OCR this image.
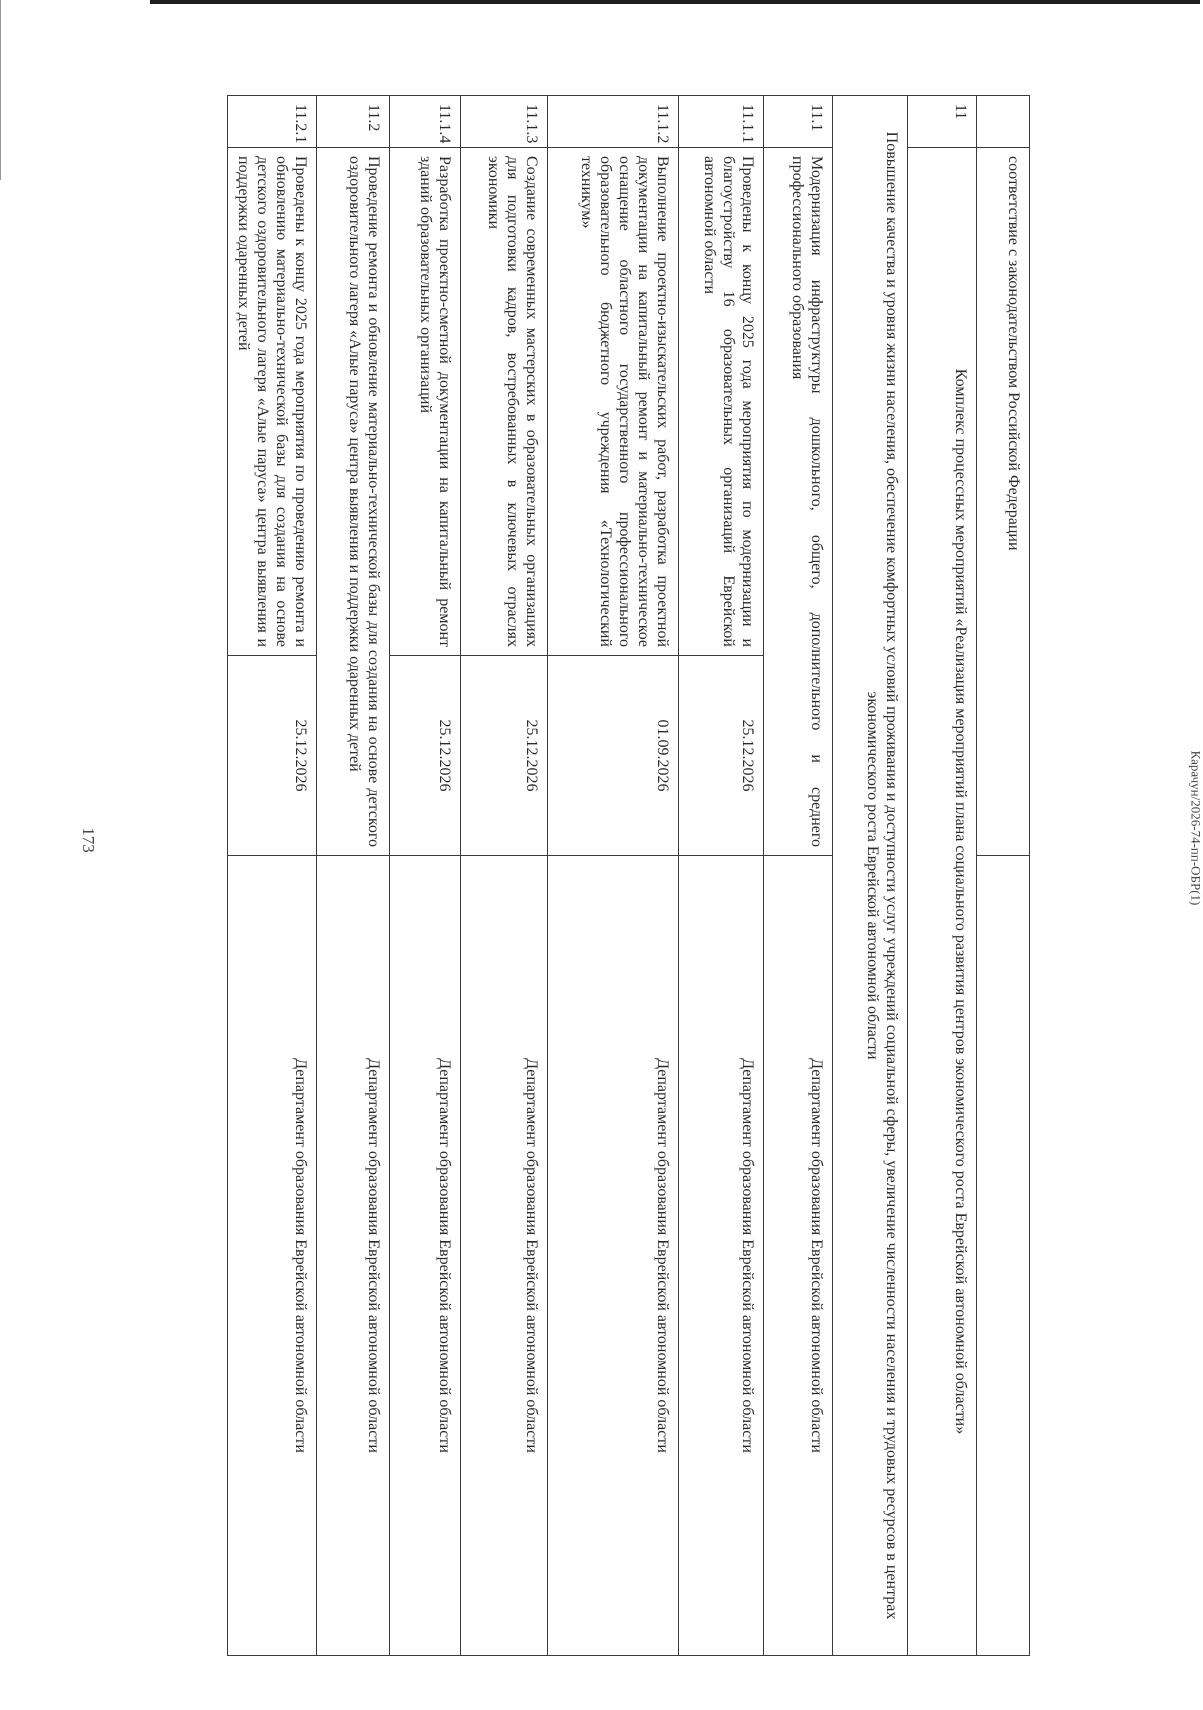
173	Карачун/2026-74-пп-ОБР(1)
	соответствие с законодательством Российской Федерации		
11	Комплекс процессных мероприятий «Реализация мероприятий плана социального развития центров экономического роста Еврейской автономной области»		
Повышение качества и уровня жизни населения, обеспечение комфортных условий проживания и доступности услуг учреждений социальной сферы, увеличение численности населения и трудовых ресурсов в центрах экономического роста Еврейской автономной области			
11.1	Модернизация инфраструктуры дошкольного, общего, дополнительного и среднего профессионального образования		Департамент образования Еврейской автономной области
11.1.1	Проведены к концу 2025 года мероприятия по модернизации и благоустройству 16 образовательных организаций Еврейской автономной области	25.12.2026	Департамент образования Еврейской автономной области
11.1.2	Выполнение проектно-изыскательских работ, разработка проектной документации на капитальный ремонт и материально-техническое оснащение областного государственного профессионального образовательного бюджетного учреждения «Технологический техникум»	01.09.2026	Департамент образования Еврейской автономной области
11.1.3	Создание современных мастерских в образовательных организациях для подготовки кадров, востребованных в ключевых отраслях экономики	25.12.2026	Департамент образования Еврейской автономной области
11.1.4	Разработка проектно-сметной документации на капитальный ремонт зданий образовательных организаций	25.12.2026	Департамент образования Еврейской автономной области
11.2	Проведение ремонта и обновление материально-технической базы для создания на основе детского оздоровительного лагеря «Алые паруса» центра выявления и поддержки одаренных детей		Департамент образования Еврейской автономной области
11.2.1	Проведены к концу 2025 года мероприятия по проведению ремонта и обновлению материально-технической базы для создания на основе детского оздоровительного лагеря «Алые паруса» центра выявления и поддержки одаренных детей	25.12.2026	Департамент образования Еврейской автономной области
